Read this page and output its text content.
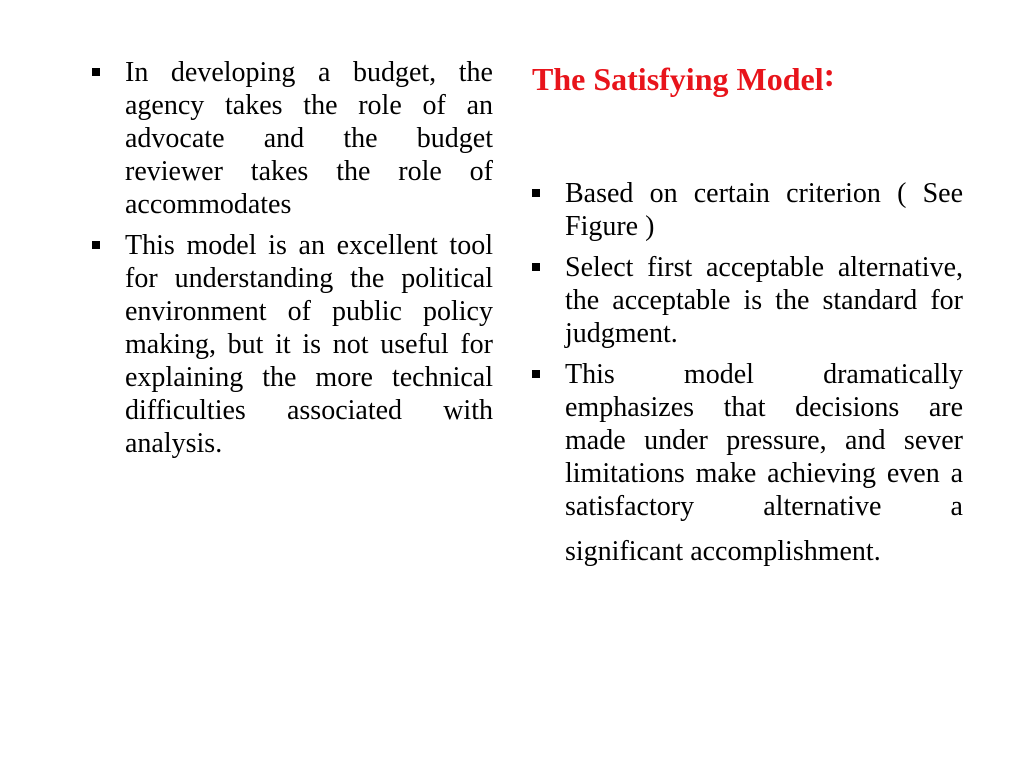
In developing a budget, the agency takes the role of an advocate and the budget reviewer takes the role of accommodates
This model is an excellent tool for understanding the political environment of public policy making, but it is not useful for explaining the more technical difficulties associated with analysis.
The Satisfying Model:
Based on certain criterion ( See Figure )
Select first acceptable alternative, the acceptable is the standard for judgment.
This model dramatically emphasizes that decisions are made under pressure, and sever limitations make achieving even a satisfactory alternative a significant accomplishment.
